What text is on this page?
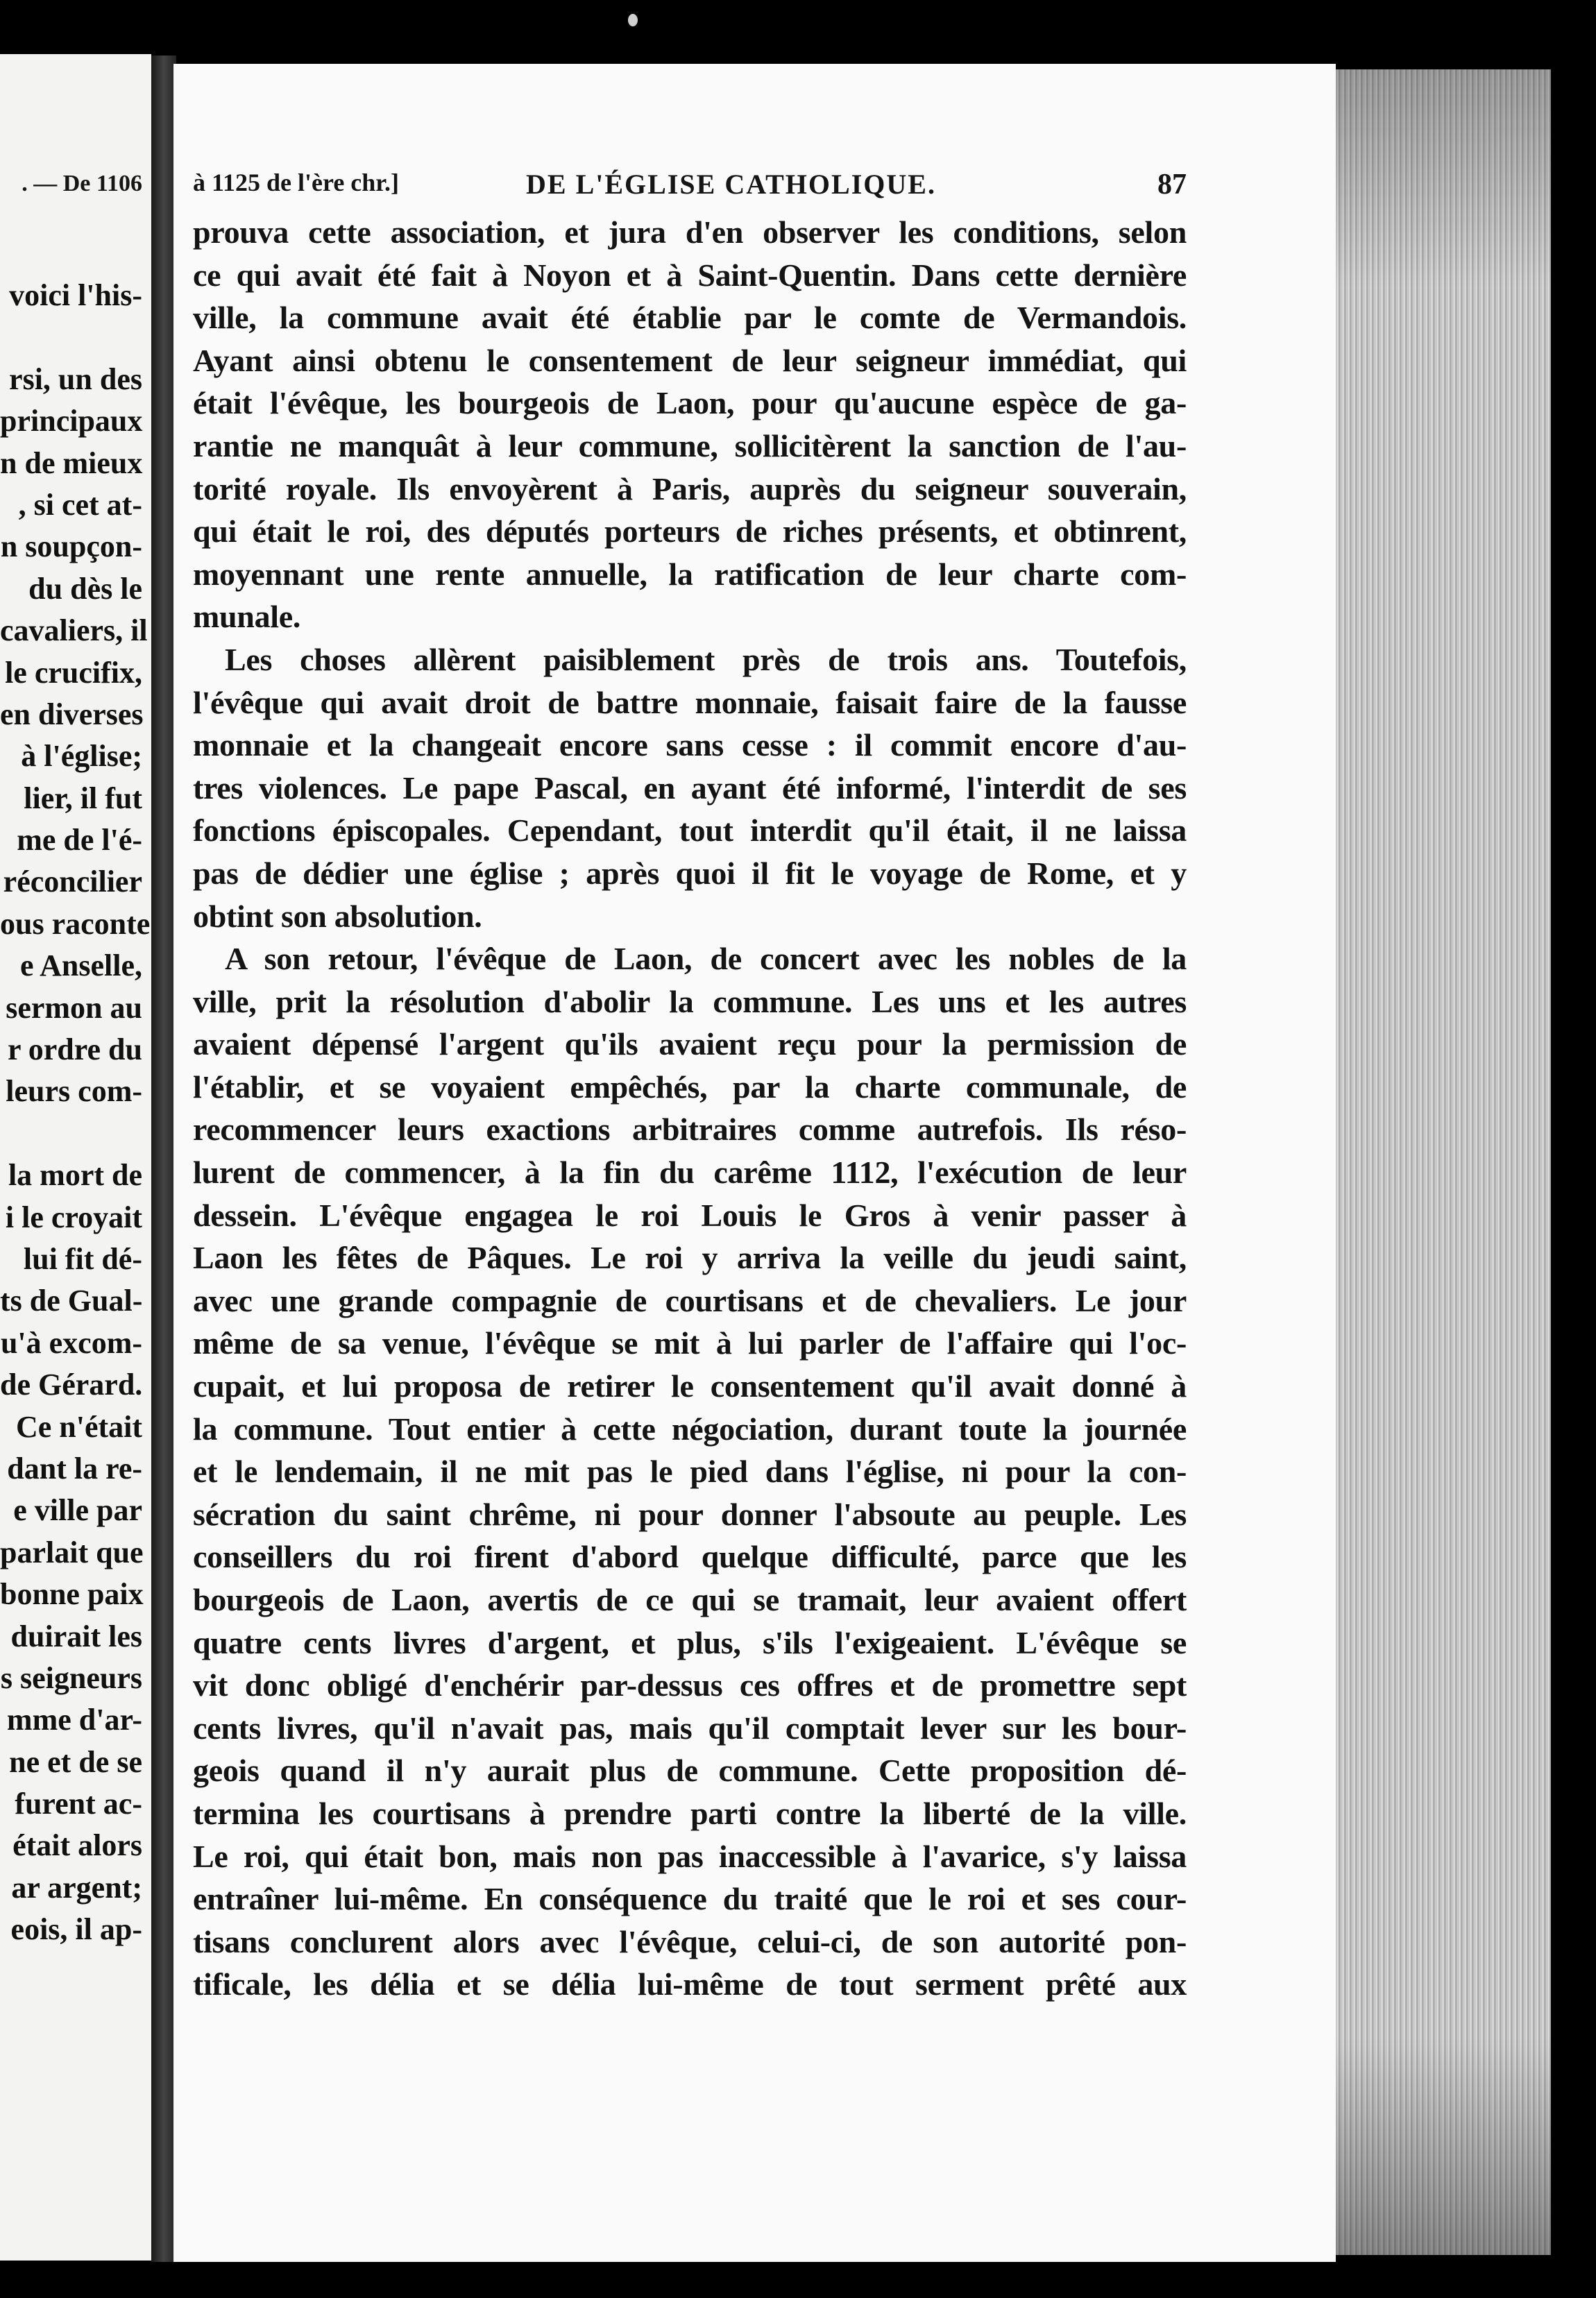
. — De 1106
voici l'his-
rsi, un des
principaux
n de mieux
, si cet at-
n soupçon-
du dès le
cavaliers, il
le crucifix,
en diverses
à l'église;
lier, il fut
me de l'é-
réconcilier
ous raconte
e Anselle,
sermon au
r ordre du
leurs com-
la mort de
i le croyait
lui fit dé-
ts de Gual-
u'à excom-
de Gérard.
Ce n'était
dant la re-
e ville par
parlait que
bonne paix
duirait les
s seigneurs
mme d'ar-
ne et de se
furent ac-
était alors
ar argent;
eois, il ap-
à 1125 de l'ère chr.]	DE L'ÉGLISE CATHOLIQUE.	87
prouva cette association, et jura d'en observer les conditions, selon
ce qui avait été fait à Noyon et à Saint-Quentin. Dans cette dernière
ville, la commune avait été établie par le comte de Vermandois.
Ayant ainsi obtenu le consentement de leur seigneur immédiat, qui
était l'évêque, les bourgeois de Laon, pour qu'aucune espèce de ga-
rantie ne manquât à leur commune, sollicitèrent la sanction de l'au-
torité royale. Ils envoyèrent à Paris, auprès du seigneur souverain,
qui était le roi, des députés porteurs de riches présents, et obtinrent,
moyennant une rente annuelle, la ratification de leur charte com-
munale.
Les choses allèrent paisiblement près de trois ans. Toutefois,
l'évêque qui avait droit de battre monnaie, faisait faire de la fausse
monnaie et la changeait encore sans cesse : il commit encore d'au-
tres violences. Le pape Pascal, en ayant été informé, l'interdit de ses
fonctions épiscopales. Cependant, tout interdit qu'il était, il ne laissa
pas de dédier une église ; après quoi il fit le voyage de Rome, et y
obtint son absolution.
A son retour, l'évêque de Laon, de concert avec les nobles de la
ville, prit la résolution d'abolir la commune. Les uns et les autres
avaient dépensé l'argent qu'ils avaient reçu pour la permission de
l'établir, et se voyaient empêchés, par la charte communale, de
recommencer leurs exactions arbitraires comme autrefois. Ils réso-
lurent de commencer, à la fin du carême 1112, l'exécution de leur
dessein. L'évêque engagea le roi Louis le Gros à venir passer à
Laon les fêtes de Pâques. Le roi y arriva la veille du jeudi saint,
avec une grande compagnie de courtisans et de chevaliers. Le jour
même de sa venue, l'évêque se mit à lui parler de l'affaire qui l'oc-
cupait, et lui proposa de retirer le consentement qu'il avait donné à
la commune. Tout entier à cette négociation, durant toute la journée
et le lendemain, il ne mit pas le pied dans l'église, ni pour la con-
sécration du saint chrême, ni pour donner l'absoute au peuple. Les
conseillers du roi firent d'abord quelque difficulté, parce que les
bourgeois de Laon, avertis de ce qui se tramait, leur avaient offert
quatre cents livres d'argent, et plus, s'ils l'exigeaient. L'évêque se
vit donc obligé d'enchérir par-dessus ces offres et de promettre sept
cents livres, qu'il n'avait pas, mais qu'il comptait lever sur les bour-
geois quand il n'y aurait plus de commune. Cette proposition dé-
termina les courtisans à prendre parti contre la liberté de la ville.
Le roi, qui était bon, mais non pas inaccessible à l'avarice, s'y laissa
entraîner lui-même. En conséquence du traité que le roi et ses cour-
tisans conclurent alors avec l'évêque, celui-ci, de son autorité pon-
tificale, les délia et se délia lui-même de tout serment prêté aux
